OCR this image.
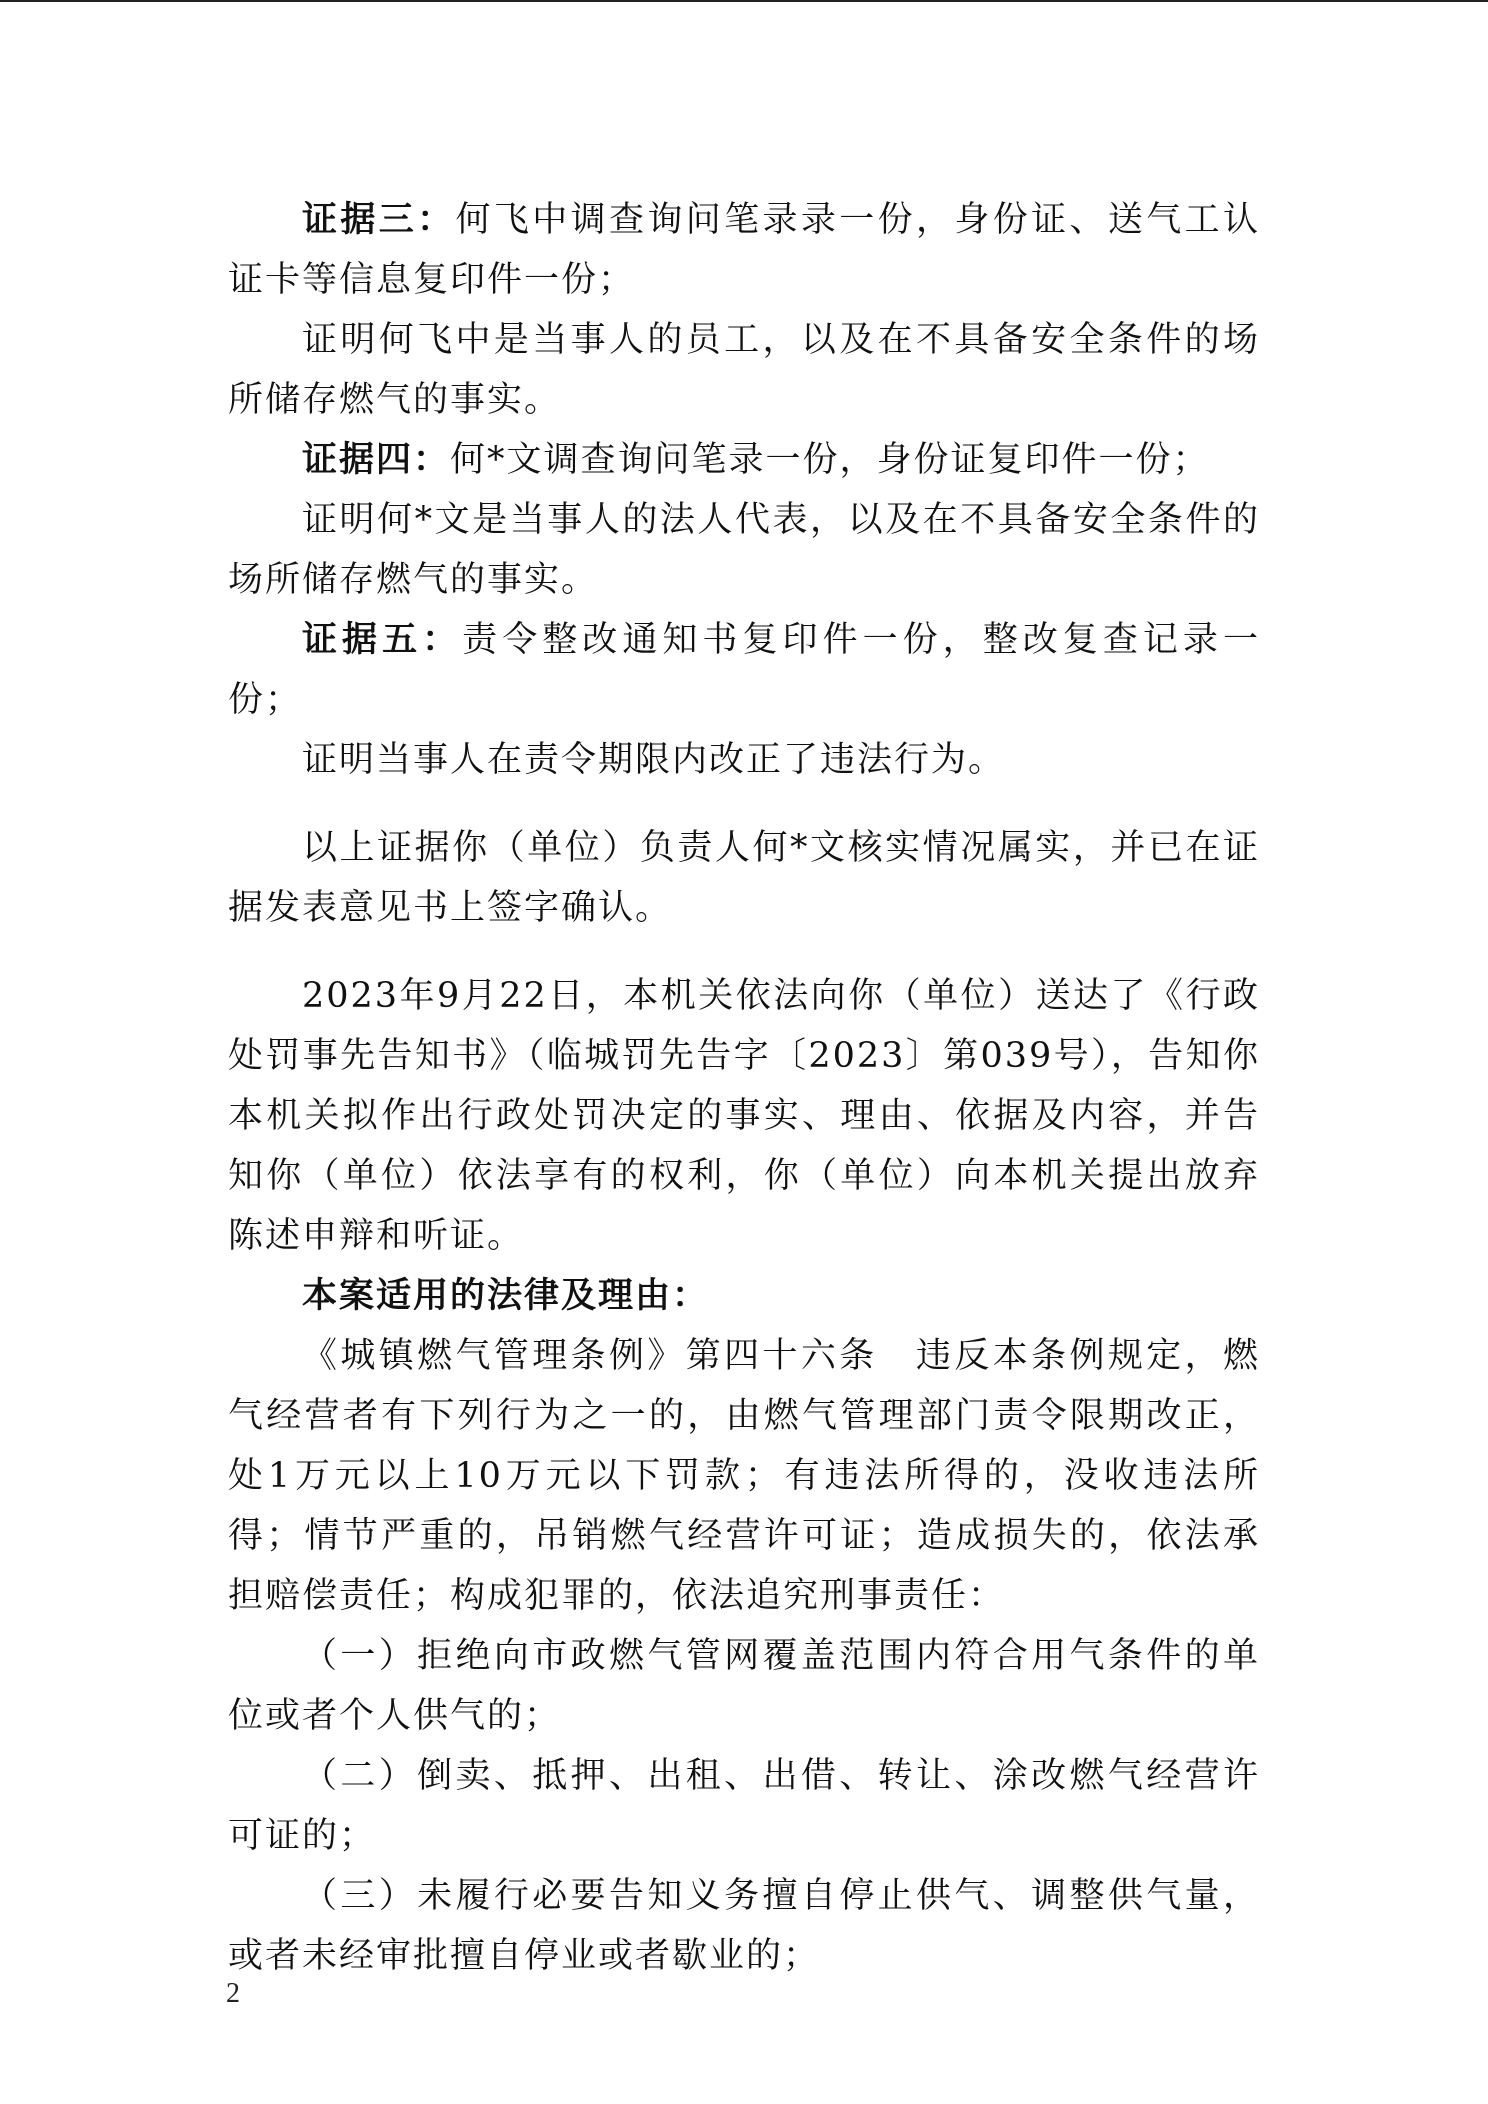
证据三：何飞中调查询问笔录录一份，身份证、送气工认证卡等信息复印件一份；

证明何飞中是当事人的员工，以及在不具备安全条件的场所储存燃气的事实。

证据四：何*文调查询问笔录一份，身份证复印件一份；

证明何*文是当事人的法人代表，以及在不具备安全条件的场所储存燃气的事实。

证据五：责令整改通知书复印件一份，整改复查记录一份；

证明当事人在责令期限内改正了违法行为。

以上证据你（单位）负责人何*文核实情况属实，并已在证据发表意见书上签字确认。

2023年9月22日，本机关依法向你（单位）送达了《行政处罚事先告知书》（临城罚先告字〔2023〕第039号），告知你本机关拟作出行政处罚决定的事实、理由、依据及内容，并告知你（单位）依法享有的权利，你（单位）向本机关提出放弃陈述申辩和听证。

本案适用的法律及理由：

《城镇燃气管理条例》第四十六条　违反本条例规定，燃气经营者有下列行为之一的，由燃气管理部门责令限期改正，处1万元以上10万元以下罚款；有违法所得的，没收违法所得；情节严重的，吊销燃气经营许可证；造成损失的，依法承担赔偿责任；构成犯罪的，依法追究刑事责任：

（一）拒绝向市政燃气管网覆盖范围内符合用气条件的单位或者个人供气的；

（二）倒卖、抵押、出租、出借、转让、涂改燃气经营许可证的；

（三）未履行必要告知义务擅自停止供气、调整供气量，或者未经审批擅自停业或者歇业的；

2
